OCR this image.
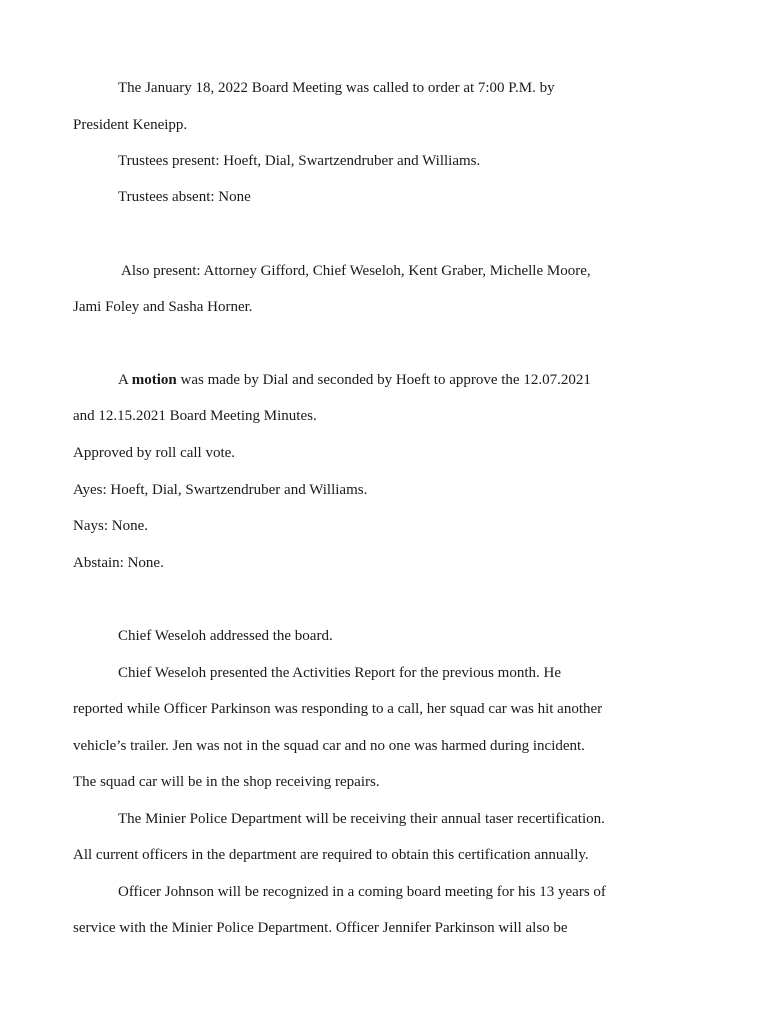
The January 18, 2022 Board Meeting was called to order at 7:00 P.M. by
President Keneipp.
Trustees present: Hoeft, Dial, Swartzendruber and Williams.
Trustees absent: None
Also present: Attorney Gifford, Chief Weseloh, Kent Graber, Michelle Moore,
Jami Foley and Sasha Horner.
A motion was made by Dial and seconded by Hoeft to approve the 12.07.2021
and 12.15.2021 Board Meeting Minutes.
Approved by roll call vote.
Ayes: Hoeft, Dial, Swartzendruber and Williams.
Nays: None.
Abstain: None.
Chief Weseloh addressed the board.
Chief Weseloh presented the Activities Report for the previous month. He
reported while Officer Parkinson was responding to a call, her squad car was hit another
vehicle’s trailer. Jen was not in the squad car and no one was harmed during incident.
The squad car will be in the shop receiving repairs.
The Minier Police Department will be receiving their annual taser recertification.
All current officers in the department are required to obtain this certification annually.
Officer Johnson will be recognized in a coming board meeting for his 13 years of
service with the Minier Police Department. Officer Jennifer Parkinson will also be
